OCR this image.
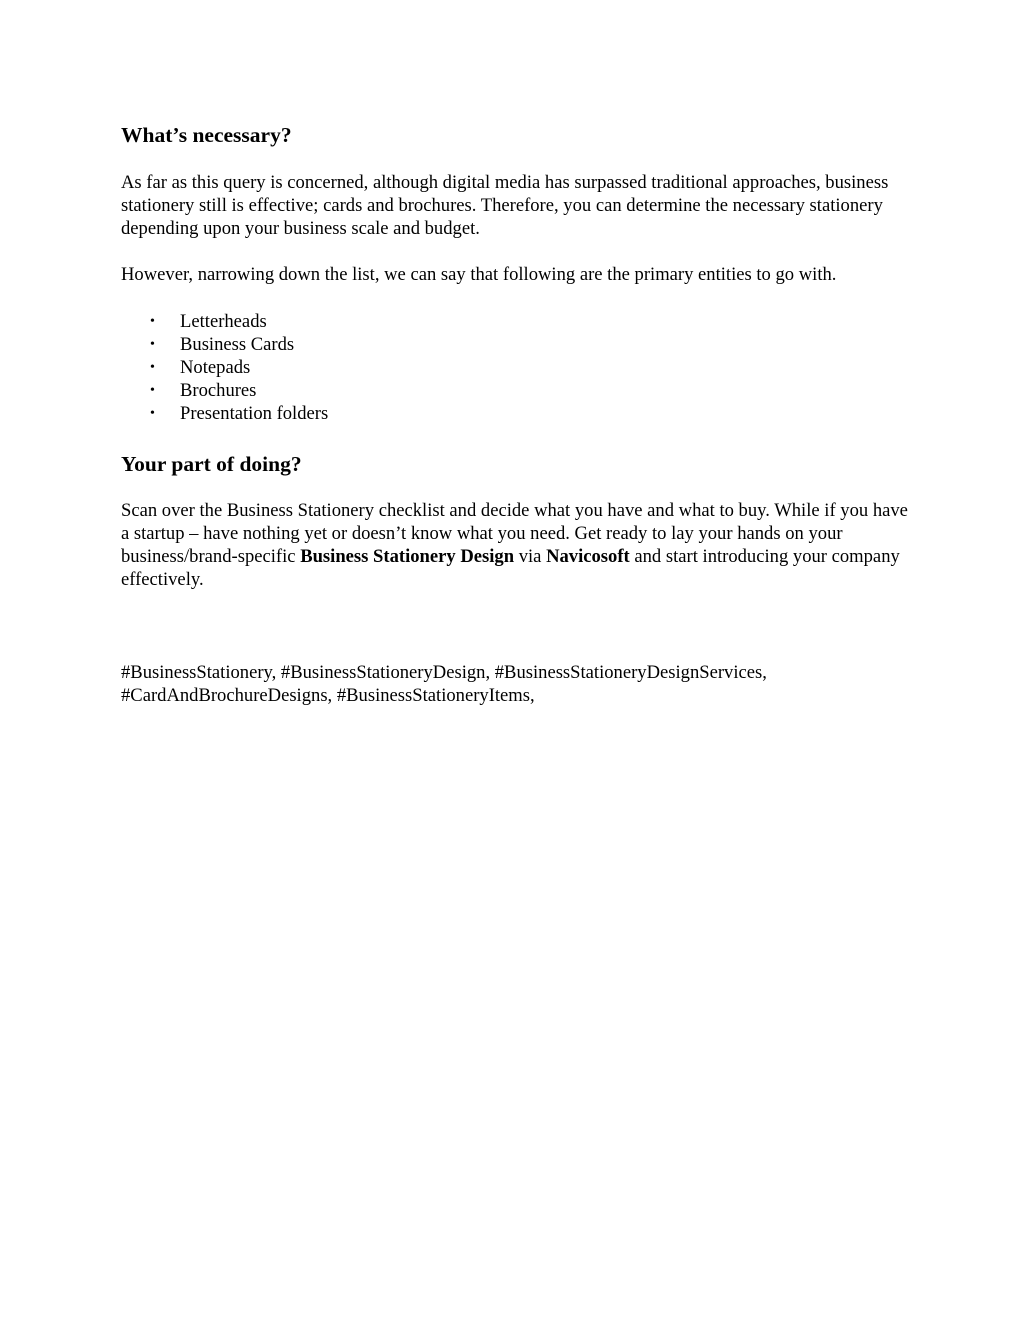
What’s necessary?

As far as this query is concerned, although digital media has surpassed traditional approaches, business stationery still is effective; cards and brochures. Therefore, you can determine the necessary stationery depending upon your business scale and budget.

However, narrowing down the list, we can say that following are the primary entities to go with.

• Letterheads
• Business Cards
• Notepads
• Brochures
• Presentation folders
Your part of doing?

Scan over the Business Stationery checklist and decide what you have and what to buy. While if you have a startup – have nothing yet or doesn’t know what you need. Get ready to lay your hands on your business/brand-specific Business Stationery Design via Navicosoft and start introducing your company effectively.

#BusinessStationery, #BusinessStationeryDesign, #BusinessStationeryDesignServices, #CardAndBrochureDesigns, #BusinessStationeryItems,
